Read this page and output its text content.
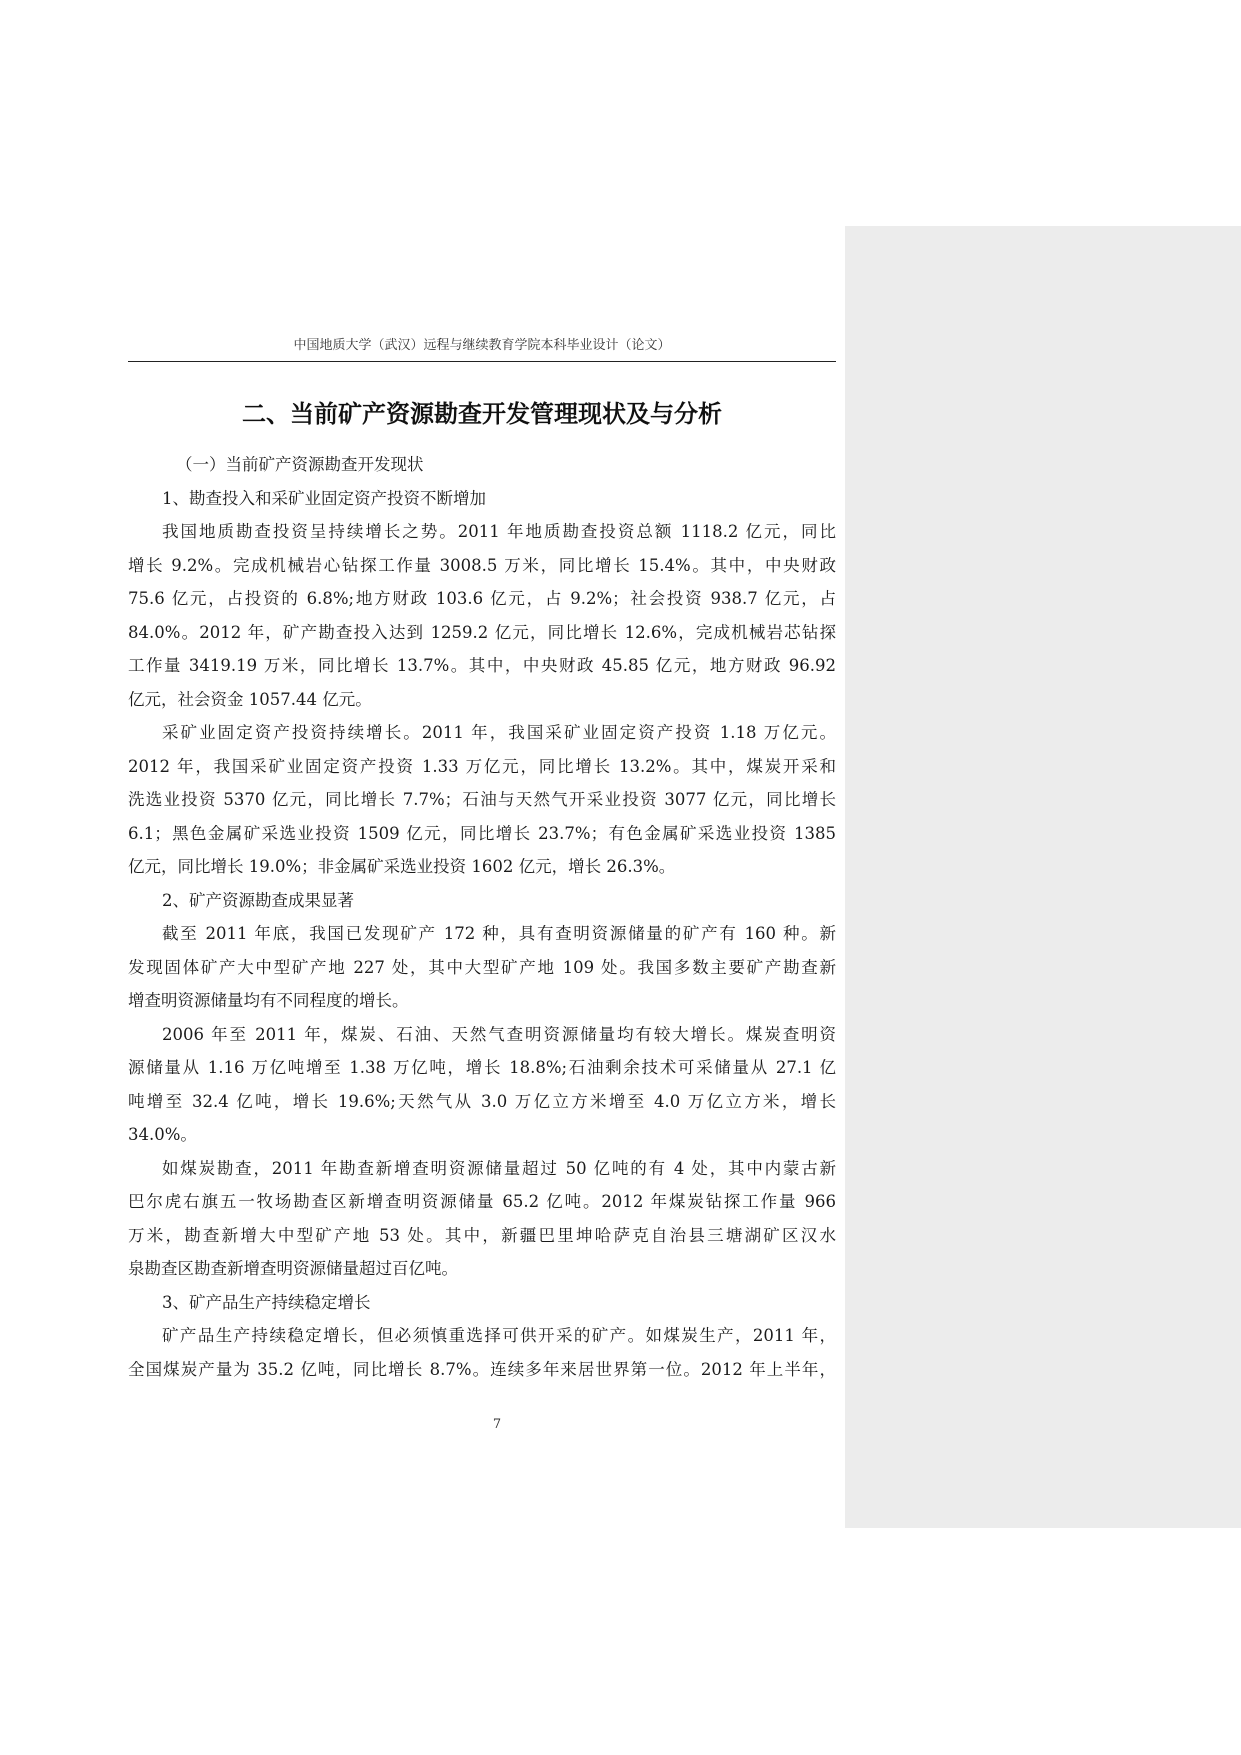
中国地质大学（武汉）远程与继续教育学院本科毕业设计（论文）
二、当前矿产资源勘查开发管理现状及与分析
（一）当前矿产资源勘查开发现状
1、勘查投入和采矿业固定资产投资不断增加
我国地质勘查投资呈持续增长之势。2011 年地质勘查投资总额 1118.2 亿元，同比
增长 9.2%。完成机械岩心钻探工作量 3008.5 万米，同比增长 15.4%。其中，中央财政
75.6 亿元，占投资的 6.8%;地方财政 103.6 亿元，占 9.2%；社会投资 938.7 亿元，占
84.0%。2012 年，矿产勘查投入达到 1259.2 亿元，同比增长 12.6%，完成机械岩芯钻探
工作量 3419.19 万米，同比增长 13.7%。其中，中央财政 45.85 亿元，地方财政 96.92
亿元，社会资金 1057.44 亿元。
采矿业固定资产投资持续增长。2011 年，我国采矿业固定资产投资 1.18 万亿元。
2012 年，我国采矿业固定资产投资 1.33 万亿元，同比增长 13.2%。其中，煤炭开采和
洗选业投资 5370 亿元，同比增长 7.7%；石油与天然气开采业投资 3077 亿元，同比增长
6.1；黑色金属矿采选业投资 1509 亿元，同比增长 23.7%；有色金属矿采选业投资 1385
亿元，同比增长 19.0%；非金属矿采选业投资 1602 亿元，增长 26.3%。
2、矿产资源勘查成果显著
截至 2011 年底，我国已发现矿产 172 种，具有查明资源储量的矿产有 160 种。新
发现固体矿产大中型矿产地 227 处，其中大型矿产地 109 处。我国多数主要矿产勘查新
增查明资源储量均有不同程度的增长。
2006 年至 2011 年，煤炭、石油、天然气查明资源储量均有较大增长。煤炭查明资
源储量从 1.16 万亿吨增至 1.38 万亿吨，增长 18.8%;石油剩余技术可采储量从 27.1 亿
吨增至 32.4 亿吨，增长 19.6%;天然气从 3.0 万亿立方米增至 4.0 万亿立方米，增长
34.0%。
如煤炭勘查，2011 年勘查新增查明资源储量超过 50 亿吨的有 4 处，其中内蒙古新
巴尔虎右旗五一牧场勘查区新增查明资源储量 65.2 亿吨。2012 年煤炭钻探工作量 966
万米，勘查新增大中型矿产地 53 处。其中，新疆巴里坤哈萨克自治县三塘湖矿区汉水
泉勘查区勘查新增查明资源储量超过百亿吨。
3、矿产品生产持续稳定增长
矿产品生产持续稳定增长，但必须慎重选择可供开采的矿产。如煤炭生产，2011 年，
全国煤炭产量为 35.2 亿吨，同比增长 8.7%。连续多年来居世界第一位。2012 年上半年，
7
